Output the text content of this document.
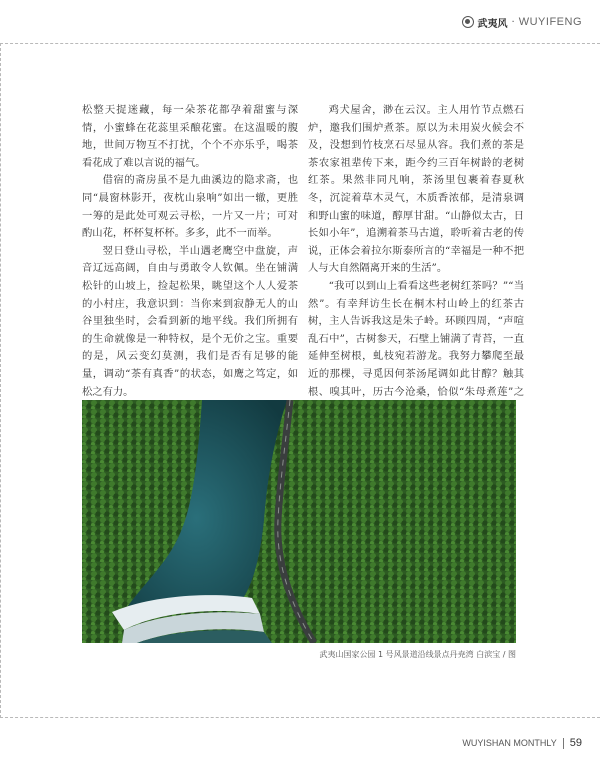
武夷风 · WUYIFENG

松整天捉迷藏，每一朵茶花都孕着甜蜜与深情，小蜜蜂在花蕊里采酿花蜜。在这温暖的腹地，世间万物互不打扰，个个不亦乐乎，喝茶看花成了难以言说的福气。

借宿的斋房虽不是九曲溪边的隐求斋，也同“晨窗林影开，夜枕山泉响”如出一辙，更胜一筹的是此处可观云寻松，一片又一片；可对酌山花，杯杯复杯杯。多多，此不一而举。

翌日登山寻松，半山遇老鹰空中盘旋，声音辽远高阔，自由与勇敢令人钦佩。坐在铺满松针的山坡上，捡起松果，眺望这个人人爱茶的小村庄，我意识到：当你来到寂静无人的山谷里独坐时，会看到新的地平线。我们所拥有的生命就像是一种特权，是个无价之宝。重要的是，风云变幻莫测，我们是否有足够的能量，调动“茶有真香”的状态，如鹰之笃定，如松之有力。

鸡犬屋舍，渺在云汉。主人用竹节点燃石炉，邀我们围炉煮茶。原以为未用炭火候会不及，没想到竹枝烹石尽显从容。我们煮的茶是茶农家祖辈传下来，距今约三百年树龄的老树红茶。果然非同凡响，茶汤里包裹着春夏秋冬，沉淀着草木灵气，木质香浓郁，是清泉调和野山蜜的味道，醇厚甘甜。“山静似太古，日长如小年”，追溯着茶马古道，聆听着古老的传说，正体会着拉尔斯泰所言的“幸福是一种不把人与大自然隔离开来的生活”。

“我可以到山上看看这些老树红茶吗？”“当然”。有幸拜访生长在桐木村山岭上的红茶古树，主人告诉我这是朱子岭。环顾四周，“声喧乱石中”，古树参天，石壁上铺满了青苔，一直延伸至树根，虬枝宛若游龙。我努力攀爬至最近的那棵，寻觅因何茶汤尾调如此甘醇？触其根、嗅其叶，历古今沧桑，恰似“朱母煮莲”之

武夷山国家公园 1 号风景道沿线景点丹尭湾 白滨宝 / 图
WUYISHAN MONTHLY 59
